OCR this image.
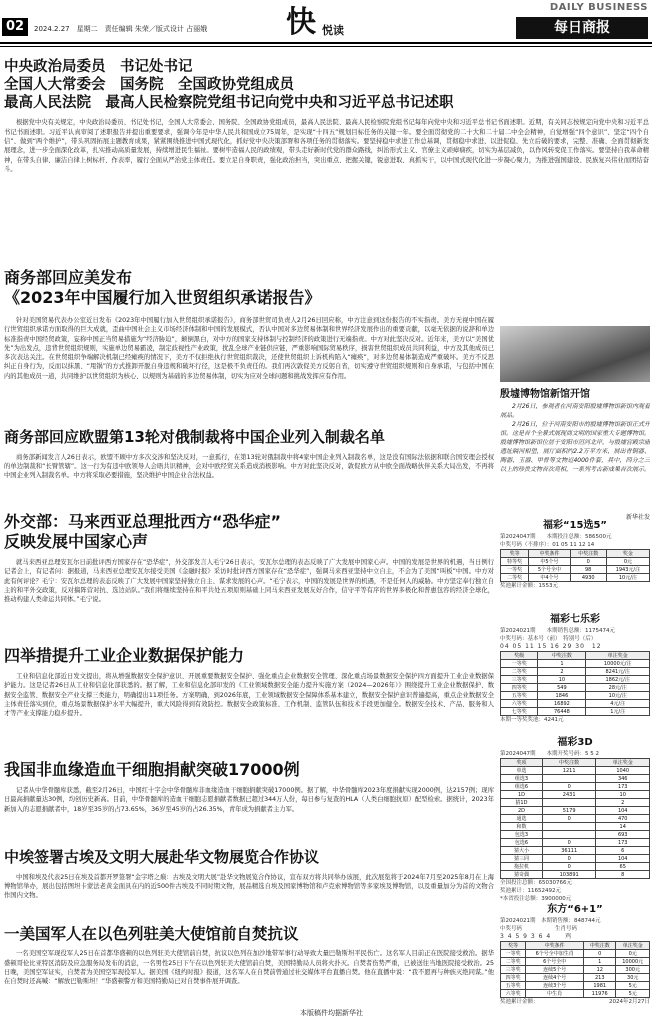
02	2024.2.27　星期二　责任编辑 朱荣／版式设计 占丽娥	快 悦读
DAILY BUSINESS
每日商报
中央政治局委员　书记处书记
全国人大常委会　国务院　全国政协党组成员
最高人民法院　最高人民检察院党组书记向党中央和习近平总书记述职
根据党中央有关规定，中央政治局委员、书记处书记，全国人大常委会、国务院、全国政协党组成员，最高人民法院、最高人民检察院党组书记每年向党中央和习近平总书记书面述职。近期，有关同志按规定向党中央和习近平总书记书面述职。习近平认真审阅了述职报告并提出重要要求，强调今年是中华人民共和国成立75周年，是实现“十四五”规划目标任务的关键一年。要全面贯彻党的二十大和二十届二中全会精神，自觉增强“四个意识”、坚定“四个自信”、做到“两个维护”，带头巩固拓展主题教育成果，紧紧围绕推进中国式现代化，抓好党中央决策部署和各项任务的贯彻落实。要坚持稳中求进工作总基调，贯彻稳中求进、以进促稳、先立后破的要求，完整、准确、全面贯彻新发展理念，进一步全面深化改革，扎实推动高质量发展，持续增进民生福祉。要树牢造福人民的政绩观，带头走好新时代党的群众路线，纠治形式主义、官僚主义顽瘴痼疾，切实为基层减负，以作风转变促工作落实。要坚持自我革命精神，在带头自律、廉洁自律上树标杆、作表率，履行全面从严治党主体责任。要立足自身职责，强化政治担当，突出重点、把握关键，锐意进取、真抓实干，以中国式现代化进一步凝心聚力，为推进强国建设、民族复兴伟业而团结奋斗。
商务部回应美发布
《2023年中国履行加入世贸组织承诺报告》
针对美国贸易代表办公室近日发布《2023年中国履行加入世贸组织承诺报告》，商务部世贸司负责人2月26日回应称，中方注意到这份报告的不实指责。美方无视中国在履行世贸组织承诺方面取得的巨大成就，歪曲中国社会主义市场经济体制和中国的发展模式，否认中国对多边贸易体制和世界经济发展作出的重要贡献，以毫无依据的说辞和单边标准指责中国经贸政策，妄称中国正当贸易措施为“经济胁迫”，颠倒黑白，对中方的国家支持体制与控制经济的政策进行无端指责。中方对此坚决反对。近年来，美方以“美国优先”为出发点，违背世贸组织规则，实施单边贸易霸凌，制定歧视性产业政策，扰乱全球产业链供应链，严重影响国际贸易秩序，损害世贸组织成员共同利益，中方及其他成员已多次表达关注。在世贸组织争端解决机制已经瘫痪的情况下，美方不仅拒绝执行世贸组织裁决，还使世贸组织上诉机构陷入“瘫痪”，对多边贸易体制造成严重破坏。美方不反思纠正自身行为，反而以抹黑、“甩锅”的方式推卸开脱自身违规和破坏行径，这是极不负责任的。我们再次敦促美方反躬自省，切实遵守世贸组织规则和自身承诺，与包括中国在内的其他成员一道，共同维护以世贸组织为核心、以规则为基础的多边贸易体制，切实为应对全球问题和挑战发挥应有作用。
商务部回应欧盟第13轮对俄制裁将中国企业列入制裁名单
商务部新闻发言人26日表示，欧盟不顾中方多次交涉和坚决反对，一意孤行，在第13轮对俄制裁中将4家中国企业列入制裁名单，这是没有国际法依据和联合国安理会授权的单边制裁和“长臂管辖”。这一行为有违中欧领导人会晤共识精神，会对中欧经贸关系造成消极影响。中方对此坚决反对，敦促欧方从中欧全面战略伙伴关系大局出发，不再将中国企业列入制裁名单。中方将采取必要措施，坚决维护中国企业合法权益。
外交部：马来西亚总理批西方“恐华症”
反映发展中国家心声
就马来西亚总理安瓦尔日前批评西方国家存在“恐华症”，外交部发言人毛宁26日表示，安瓦尔总理的表态反映了广大发展中国家心声。中国的发展是世界的机遇，当日例行记者会上，有记者问：据报道，马来西亚总理安瓦尔接受美国《金融时报》采访时批评西方国家存在“恐华症”，强调马来西亚坚持中立自主，不会为了美国“叫板”中国。中方对此有何评论？毛宁：安瓦尔总理的表态反映了广大发展中国家坚持独立自主、谋求发展的心声。“毛宁表示，中国的发展是世界的机遇，不是任何人的威胁。中方坚定奉行独立自主的和平外交政策，反对搞阵营对抗、选边站队。”我们将继续坚持在和平共处五项原则基础上同马来西亚发展友好合作，信守平等有序的世界多极化和普惠包容的经济全球化，推动构建人类命运共同体。”毛宁说。
四举措提升工业企业数据保护能力
工业和信息化部近日发文提出，将从增强数据安全保护意识、开展重要数据安全保护、强化重点企业数据安全管理、深化重点场景数据安全保护四方面提升工业企业数据保护能力。这是记者26日从工业和信息化部获悉的。据了解，工业和信息化部印发的《工业领域数据安全能力提升实施方案（2024—2026年）》围绕提升工业企业数据保护、数据安全监管、数据安全产业支撑三类能力，明确提出11项任务。方案明确，到2026年底，工业领域数据安全保障体系基本建立，数据安全保护意识普遍提高，重点企业数据安全主体责任落实到位，重点场景数据保护水平大幅提升，重大风险得到有效防控。数据安全政策标准、工作机制、监管队伍和技术手段更加健全。数据安全技术、产品、服务和人才等产业支撑能力稳步提升。
我国非血缘造血干细胞捐献突破17000例
记者从中华骨髓库获悉，截至2月26日，中国红十字会中华骨髓库非血缘造血干细胞捐献突破17000例。据了解，中华骨髓库2023年度捐献实现2000例，达2157例；现库日最高捐献量达30例，均创历史新高。目前，中华骨髓库的造血干细胞志愿捐献者数据已超过344万人份，每日参与复查的HLA（人类白细胞抗原）配型检索。据统计，2023年新加入的志愿捐献者中，18岁至35岁的占73.65%，36岁至45岁的占26.35%，青年成为捐献者主力军。
中埃签署古埃及文明大展赴华文物展览合作协议
中国和埃及代表25日在埃及首都开罗签署“金字塔之巅：古埃及文明大展”赴华文物展览合作协议，宣布双方将共同举办该展，此次展览将于2024年7月至2025年8月在上海博物馆举办，展出包括图坦卡蒙法老黄金面具在内的近500件古埃及不同时期文物，展品精选自埃及国家博物馆和卢克索博物馆等多家埃及博物馆，以及重量加分为首的文物合作国内文物。
一美国军人在以色列驻美大使馆前自焚抗议
一名美国空军现役军人25日在首都华盛顿的以色列驻美大使馆前自焚，抗议以色列在加沙地带军事行动导致大量巴勒斯坦平民伤亡。这名军人目前正在医院接受救治。据华盛顿哥伦比亚特区消防及应急服务局发布的消息，一名男性25日下午在以色列驻美大使馆前自焚，美国特勤局人员将火扑灭。自焚者伤势严重，已被送往当地医院接受救治。25日晚，美国空军证实，自焚者为美国空军现役军人。据美国《纽约时报》报道，这名军人在自焚前曾通过社交媒体平台直播自焚。他在直播中说：“我不愿再与种族灭绝同谋。”他在自焚时还高喊：“解放巴勒斯坦！”华盛顿警方和美国特勤局已对自焚事件展开调查。
本版稿件均据新华社
殷墟博物馆新馆开馆
2月26日，参观者在河南安阳殷墟博物馆新馆内观看展品。
2月26日，位于河南安阳市的殷墟博物馆新馆正式开馆。这是首个全景式展现商文明的国家重大专题博物馆。殷墟博物馆新馆位居于安阳市洹河北岸，与殷墟宫殿宗庙遗址隔河相望，展厅面积约2.2万平方米，展出青铜器、陶器、玉器、甲骨等文物近4000件套，其中，四分之三以上的珍贵文物首次亮相，一系列考古新成果首次展示。
新华社发
福彩“15选5”
第2024047期　　本期投注总额：586500元
中奖号码（不排序）：01 05 11 12 14
奖等	中奖条件	中奖注数	奖金
特等奖	中5个号	0	0元
一等奖	5个号全中	98	1943元/注
二等奖	中4个号	4930	10元/注
奖池累计金额：1553元
福彩七乐彩
第2024021期　　本期销售总额：1175474元
中奖号码：基本号（前）　特别号（后）
04 05 11 15 16 29 30　12
奖级	中奖注数	单注奖金
一等奖	1	10000元/注
二等奖	2	8241元/注
三等奖	10	1862元/注
四等奖	549	28元/注
五等奖	1846	10元/注
六等奖	16892	4元/注
七等奖	76448	1元/注
本期一等奖奖池：4241元
福彩3D
第2024047期　　本期开奖号码：5 5 2
奖项	中奖注数	单注奖金
单选	1211	1040
组选3		346
组选6	0	173
1D	2431	10
猜1D		2
2D	5179	104
通选	0	470
和数		14
包选3		693
包选6	0	173
猜大小	36111	6
猜三同	0	104
拖拉机	0	65
猜奇偶	103891	8
全国投注总额：65030766元
奖池累计：11652492元
*本省投注总额：3900000元
东方“6+1”
第2024021期　本期销售额：848744元
中奖号码　　　　　　生肖号码
3 4 5 9 3 6 4　　鸡
奖等	中奖条件	中奖注数	单注奖金
一等奖	6个号全中加生肖	0	0元
二等奖	6个号全中	1	10000元
三等奖	连续5个号	12	300元
四等奖	连续4个号	213	30元
五等奖	连续3个号	1981	5元
六等奖	中生肖	11976	5元
奖池累计金额：	2024年2月27日
